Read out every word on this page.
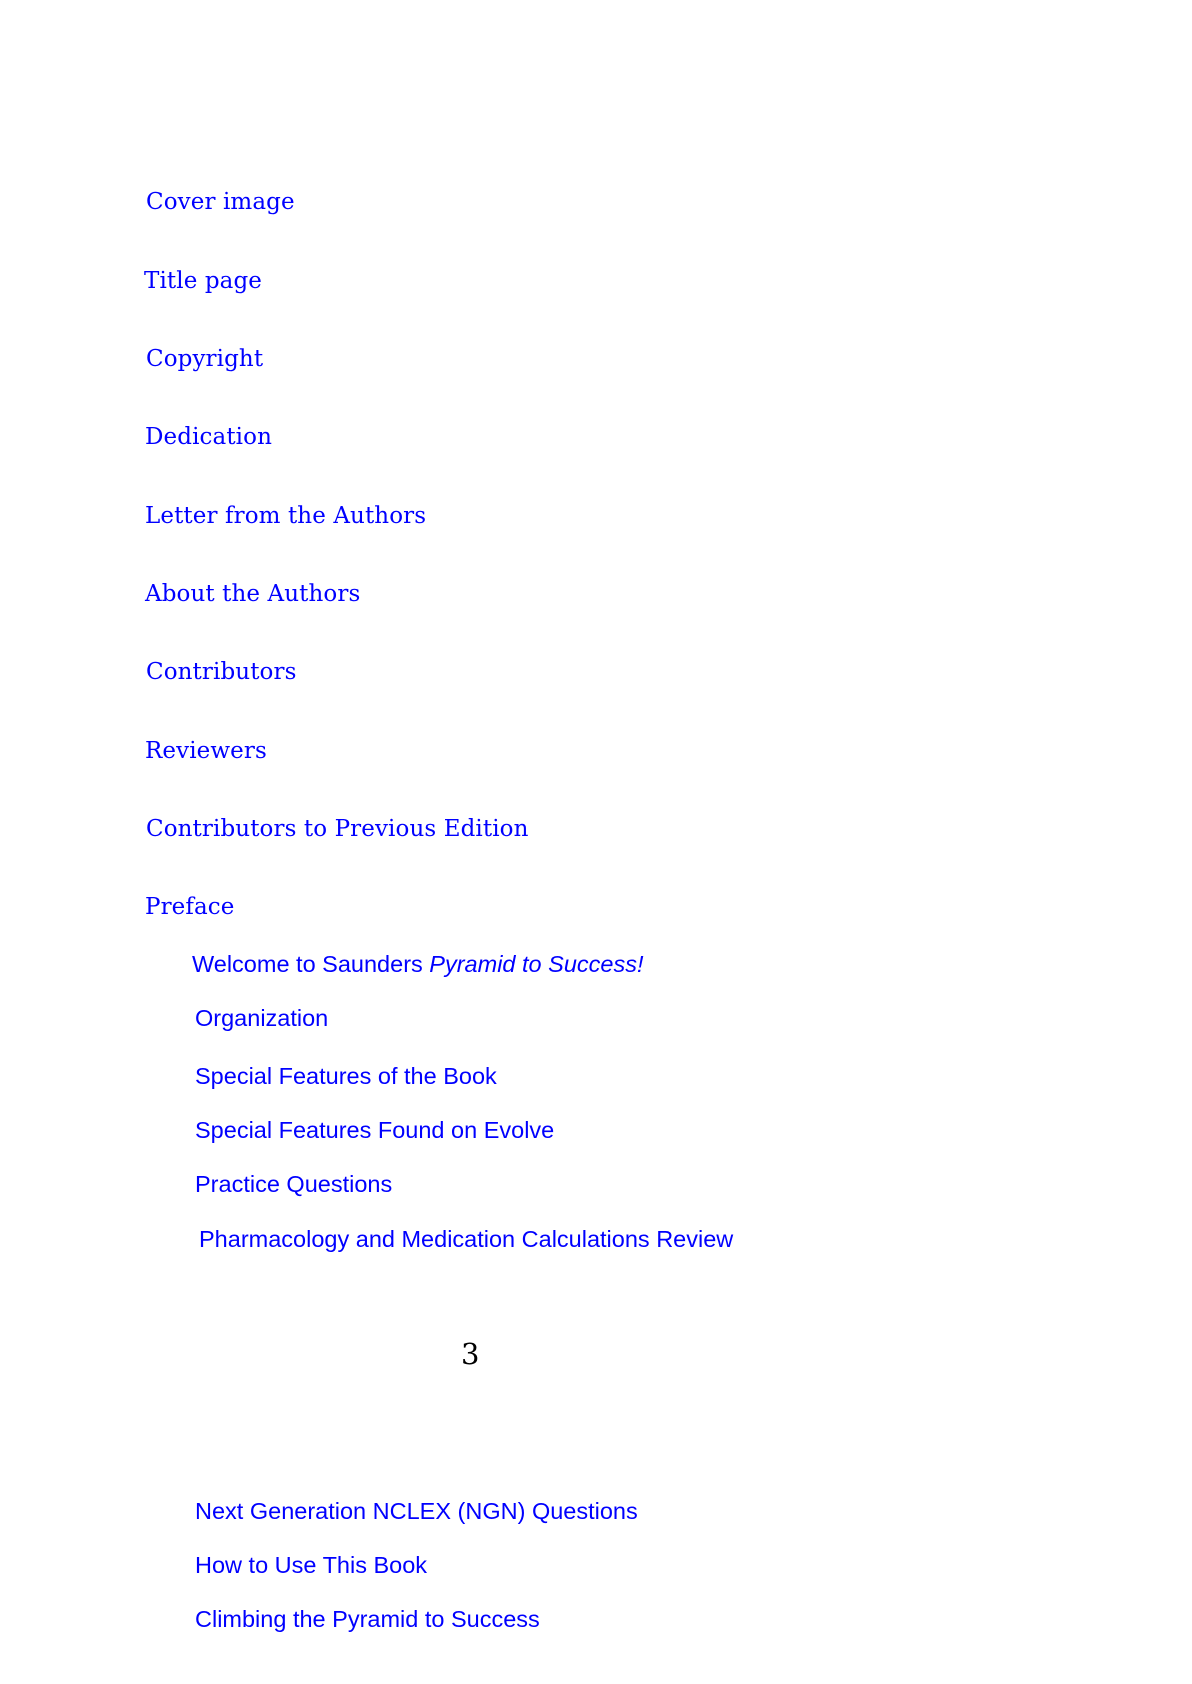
Cover image
Title page
Copyright
Dedication
Letter from the Authors
About the Authors
Contributors
Reviewers
Contributors to Previous Edition
Preface
Welcome to Saunders Pyramid to Success!
Organization
Special Features of the Book
Special Features Found on Evolve
Practice Questions
Pharmacology and Medication Calculations Review
3
Next Generation NCLEX (NGN) Questions
How to Use This Book
Climbing the Pyramid to Success
